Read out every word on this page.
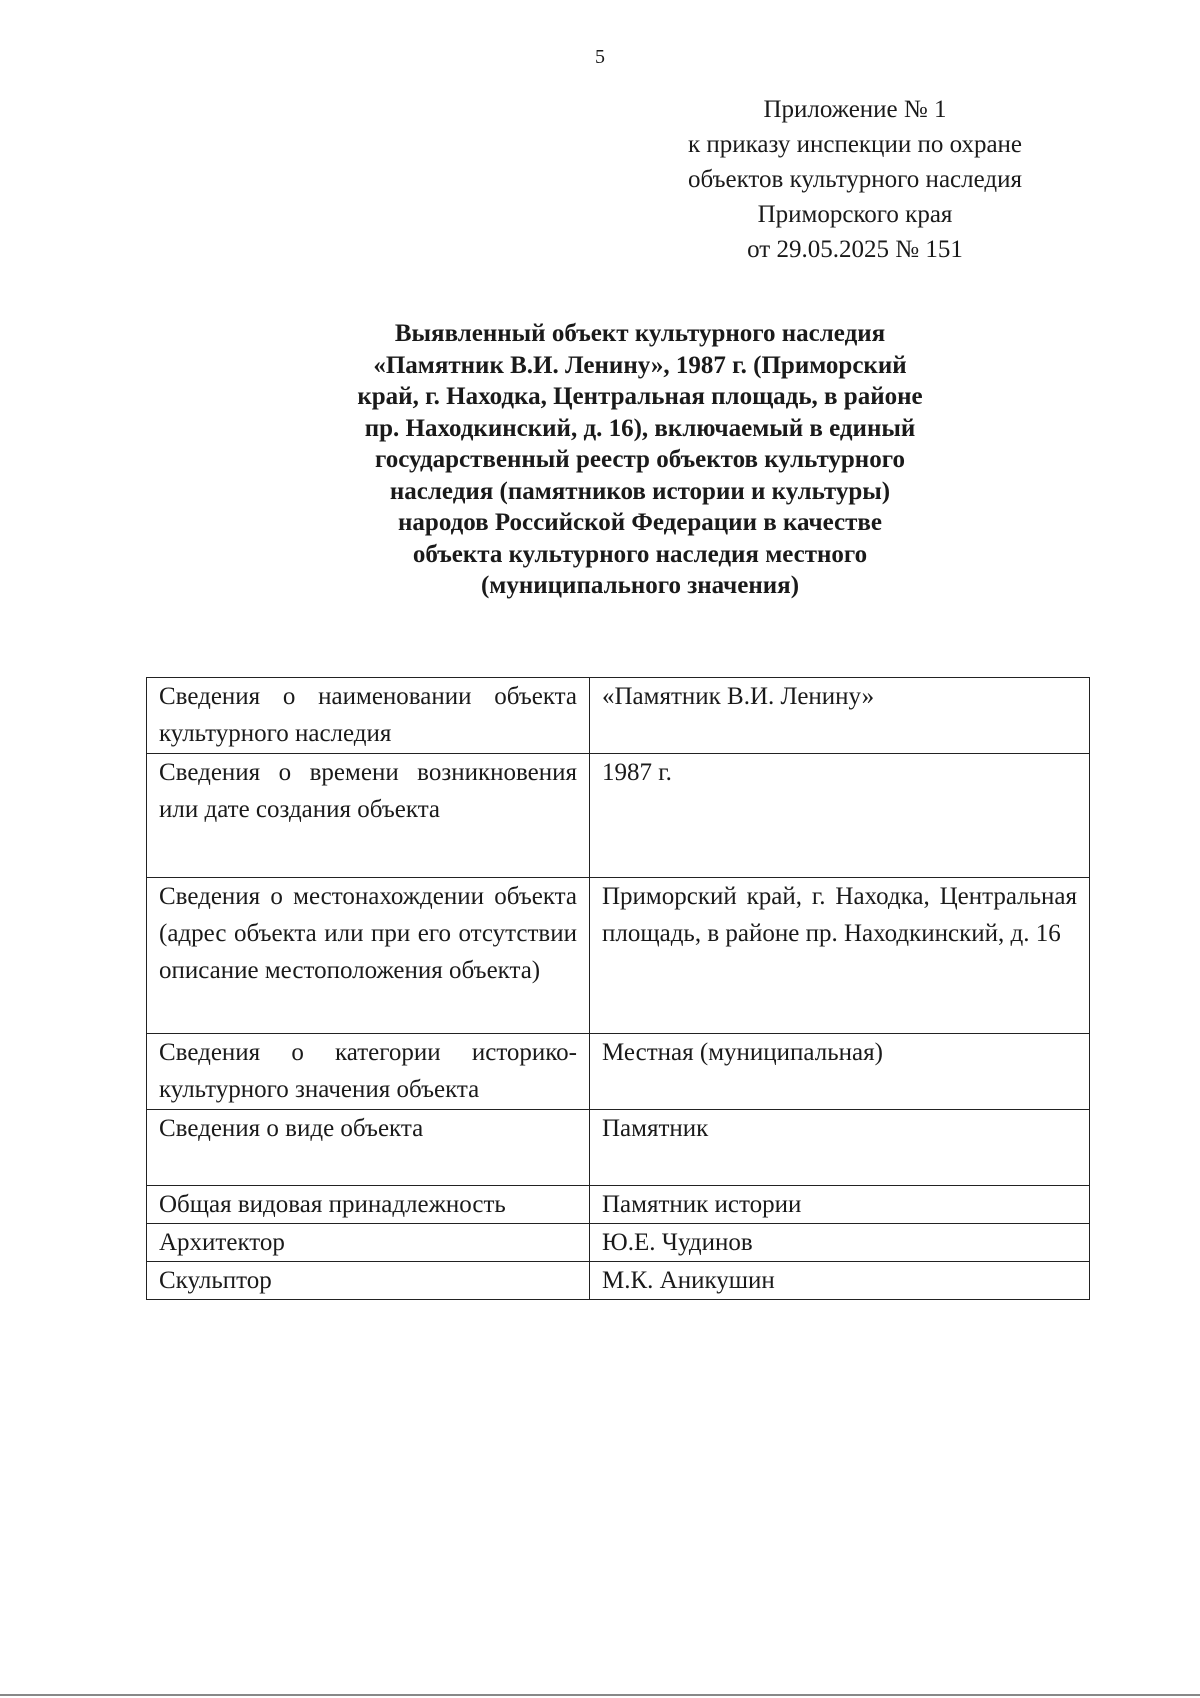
5
Приложение № 1
к приказу инспекции по охране
объектов культурного наследия
Приморского края
от 29.05.2025 № 151
Выявленный объект культурного наследия
«Памятник В.И. Ленину», 1987 г. (Приморский
край, г. Находка, Центральная площадь, в районе
пр. Находкинский, д. 16), включаемый в единый
государственный реестр объектов культурного
наследия (памятников истории и культуры)
народов Российской Федерации в качестве
объекта культурного наследия местного
(муниципального значения)
Сведения о наименовании объекта культурного наследия	«Памятник В.И. Ленину»
Сведения о времени возникновения или дате создания объекта	1987 г.
Сведения о местонахождении объекта (адрес объекта или при его отсутствии описание местоположения объекта)	Приморский край, г. Находка, Центральная площадь, в районе пр. Находкинский, д. 16
Сведения о категории историко-культурного значения объекта	Местная (муниципальная)
Сведения о виде объекта	Памятник
Общая видовая принадлежность	Памятник истории
Архитектор	Ю.Е. Чудинов
Скульптор	М.К. Аникушин
